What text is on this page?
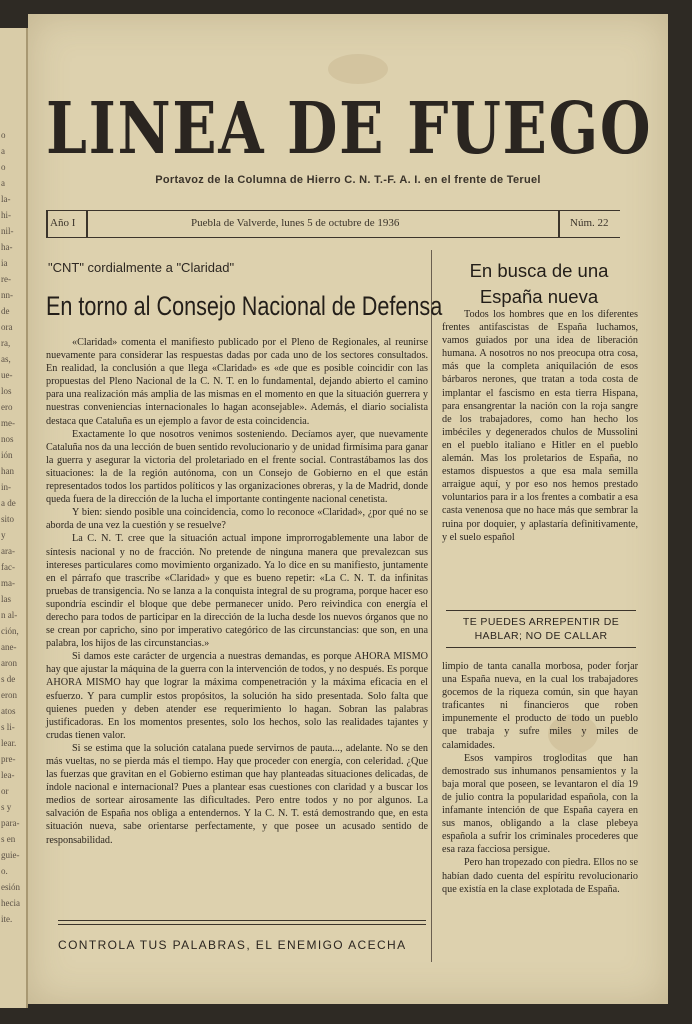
o
a
o
a
la-
hi-
nil-
ha-
ia
re-
nn-
de
ora
ra,
as,
ue-
los
ero
me-
nos
ión
han
in-
a de
sito
y
ara-
fac-
ma-
las
n al-
ción,
ane-
aron
s de
eron
atos
s li-
lear.
pre-
lea-
or
s y
para-
s en
guie-
o.
esión
hecia
ite.
LINEA DE FUEGO
Portavoz de la Columna de Hierro C. N. T.-F. A. I. en el frente de Teruel
Año I	Puebla de Valverde, lunes 5 de octubre de 1936	Núm. 22
"CNT" cordialmente a "Claridad"
En torno al Consejo Nacional de Defensa

«Claridad» comenta el manifiesto publicado por el Pleno de Regionales, al reunirse nuevamente para considerar las respuestas dadas por cada uno de los sectores consultados. En realidad, la conclusión a que llega «Claridad» es «de que es posible coincidir con las propuestas del Pleno Nacional de la C. N. T. en lo fundamental, dejando abierto el camino para una realización más amplia de las mismas en el momento en que la situación guerrera y nuestras conveniencias internacionales lo hagan aconsejable». Además, el diario socialista destaca que Cataluña es un ejemplo a favor de esta coincidencia.

Exactamente lo que nosotros venimos sosteniendo. Decíamos ayer, que nuevamente Cataluña nos da una lección de buen sentido revolucionario y de unidad firmísima para ganar la guerra y asegurar la victoria del proletariado en el frente social. Contrastábamos las dos situaciones: la de la región autónoma, con un Consejo de Gobierno en el que están representados todos los partidos políticos y las organizaciones obreras, y la de Madrid, donde queda fuera de la dirección de la lucha el importante contingente nacional cenetista.

Y bien: siendo posible una coincidencia, como lo reconoce «Claridad», ¿por qué no se aborda de una vez la cuestión y se resuelve?

La C. N. T. cree que la situación actual impone improrrogablemente una labor de síntesis nacional y no de fracción. No pretende de ninguna manera que prevalezcan sus intereses particulares como movimiento organizado. Ya lo dice en su manifiesto, juntamente en el párrafo que trascribe «Claridad» y que es bueno repetir: «La C. N. T. da infinitas pruebas de transigencia. No se lanza a la conquista integral de su programa, porque hacer eso supondría escindir el bloque que debe permanecer unido. Pero reivindica con energía el derecho para todos de participar en la dirección de la lucha desde los nuevos órganos que no se crean por capricho, sino por imperativo categórico de las circunstancias: que son, en una palabra, los hijos de las circunstancias.»

Si damos este carácter de urgencia a nuestras demandas, es porque AHORA MISMO hay que ajustar la máquina de la guerra con la intervención de todos, y no después. Es porque AHORA MISMO hay que lograr la máxima compenetración y la máxima eficacia en el esfuerzo. Y para cumplir estos propósitos, la solución ha sido presentada. Solo falta que quienes pueden y deben atender ese requerimiento lo hagan. Sobran las palabras justificadoras. En los momentos presentes, solo los hechos, solo las realidades tajantes y crudas tienen valor.

Si se estima que la solución catalana puede servirnos de pauta..., adelante. No se den más vueltas, no se pierda más el tiempo. Hay que proceder con energía, con celeridad. ¿Que las fuerzas que gravitan en el Gobierno estiman que hay planteadas situaciones delicadas, de índole nacional e internacional? Pues a plantear esas cuestiones con claridad y a buscar los medios de sortear airosamente las dificultades. Pero entre todos y no por algunos. La salvación de España nos obliga a entendernos. Y la C. N. T. está demostrando que, en esta situación nueva, sabe orientarse perfectamente, y que posee un acusado sentido de responsabilidad.

CONTROLA TUS PALABRAS, EL ENEMIGO ACECHA
En busca de una
España nueva

Todos los hombres que en los diferentes frentes antifascistas de España luchamos, vamos guiados por una idea de liberación humana. A nosotros no nos preocupa otra cosa, más que la completa aniquilación de esos bárbaros nerones, que tratan a toda costa de implantar el fascismo en esta tierra Hispana, para ensangrentar la nación con la roja sangre de los trabajadores, como han hecho los imbéciles y degenerados chulos de Mussolini en el pueblo italiano e Hitler en el pueblo alemán. Mas los proletarios de España, no estamos dispuestos a que esa mala semilla arraigue aquí, y por eso nos hemos prestado voluntarios para ir a los frentes a combatir a esa casta venenosa que no hace más que sembrar la ruina por doquier, y aplastaría definitivamente, y el suelo español

TE PUEDES ARREPENTIR DE HABLAR; NO DE CALLAR

limpio de tanta canalla morbosa, poder forjar una España nueva, en la cual los trabajadores gocemos de la riqueza común, sin que hayan traficantes ni financieros que roben impunemente el producto de todo un pueblo que trabaja y sufre miles y miles de calamidades.

Esos vampiros trogloditas que han demostrado sus inhumanos pensamientos y la baja moral que poseen, se levantaron el día 19 de julio contra la popularidad española, con la infamante intención de que España cayera en sus manos, obligando a la clase plebeya española a sufrir los criminales procederes que esa raza facciosa persigue.

Pero han tropezado con piedra. Ellos no se habían dado cuenta del espíritu revolucionario que existía en la clase explotada de España.
